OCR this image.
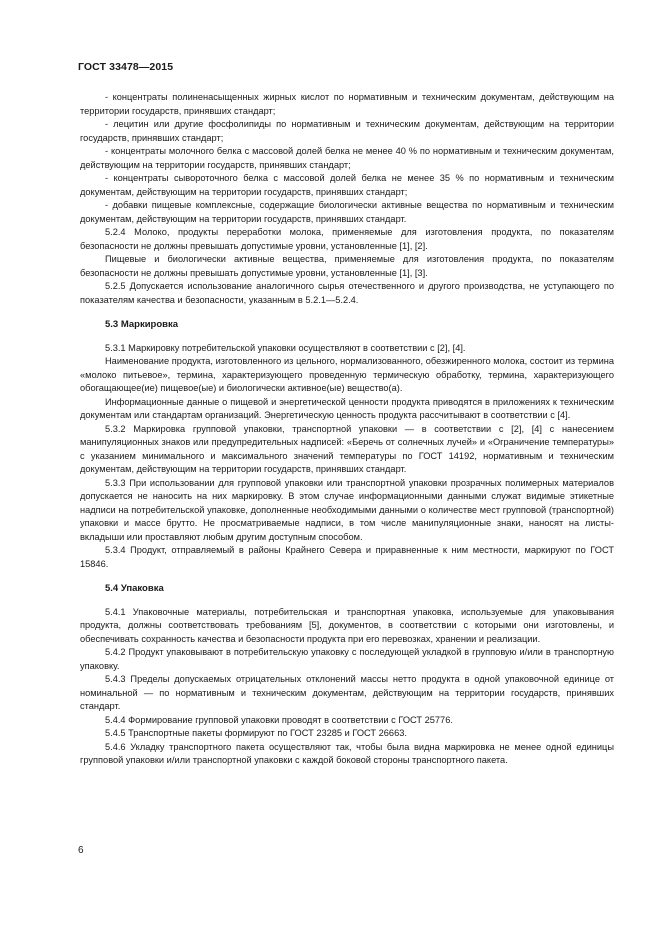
ГОСТ 33478—2015

- концентраты полиненасыщенных жирных кислот по нормативным и техническим документам, действующим на территории государств, принявших стандарт;

- лецитин или другие фосфолипиды по нормативным и техническим документам, действующим на территории государств, принявших стандарт;

- концентраты молочного белка с массовой долей белка не менее 40 % по нормативным и техническим документам, действующим на территории государств, принявших стандарт;

- концентраты сывороточного белка с массовой долей белка не менее 35 % по нормативным и техническим документам, действующим на территории государств, принявших стандарт;

- добавки пищевые комплексные, содержащие биологически активные вещества по нормативным и техническим документам, действующим на территории государств, принявших стандарт.

5.2.4 Молоко, продукты переработки молока, применяемые для изготовления продукта, по показателям безопасности не должны превышать допустимые уровни, установленные [1], [2].

Пищевые и биологически активные вещества, применяемые для изготовления продукта, по показателям безопасности не должны превышать допустимые уровни, установленные [1], [3].

5.2.5 Допускается использование аналогичного сырья отечественного и другого производства, не уступающего по показателям качества и безопасности, указанным в 5.2.1—5.2.4.

5.3 Маркировка

5.3.1 Маркировку потребительской упаковки осуществляют в соответствии с [2], [4].

Наименование продукта, изготовленного из цельного, нормализованного, обезжиренного молока, состоит из термина «молоко питьевое», термина, характеризующего проведенную термическую обработку, термина, характеризующего обогащающее(ие) пищевое(ые) и биологически активное(ые) вещество(а).

Информационные данные о пищевой и энергетической ценности продукта приводятся в приложениях к техническим документам или стандартам организаций. Энергетическую ценность продукта рассчитывают в соответствии с [4].

5.3.2 Маркировка групповой упаковки, транспортной упаковки — в соответствии с [2], [4] с нанесением манипуляционных знаков или предупредительных надписей: «Беречь от солнечных лучей» и «Ограничение температуры» с указанием минимального и максимального значений температуры по ГОСТ 14192, нормативным и техническим документам, действующим на территории государств, принявших стандарт.

5.3.3 При использовании для групповой упаковки или транспортной упаковки прозрачных полимерных материалов допускается не наносить на них маркировку. В этом случае информационными данными служат видимые этикетные надписи на потребительской упаковке, дополненные необходимыми данными о количестве мест групповой (транспортной) упаковки и массе брутто. Не просматриваемые надписи, в том числе манипуляционные знаки, наносят на листы-вкладыши или проставляют любым другим доступным способом.

5.3.4 Продукт, отправляемый в районы Крайнего Севера и приравненные к ним местности, маркируют по ГОСТ 15846.

5.4 Упаковка

5.4.1 Упаковочные материалы, потребительская и транспортная упаковка, используемые для упаковывания продукта, должны соответствовать требованиям [5], документов, в соответствии с которыми они изготовлены, и обеспечивать сохранность качества и безопасности продукта при его перевозках, хранении и реализации.

5.4.2 Продукт упаковывают в потребительскую упаковку с последующей укладкой в групповую и/или в транспортную упаковку.

5.4.3 Пределы допускаемых отрицательных отклонений массы нетто продукта в одной упаковочной единице от номинальной — по нормативным и техническим документам, действующим на территории государств, принявших стандарт.

5.4.4 Формирование групповой упаковки проводят в соответствии с ГОСТ 25776.

5.4.5 Транспортные пакеты формируют по ГОСТ 23285 и ГОСТ 26663.

5.4.6 Укладку транспортного пакета осуществляют так, чтобы была видна маркировка не менее одной единицы групповой упаковки и/или транспортной упаковки с каждой боковой стороны транспортного пакета.

6
